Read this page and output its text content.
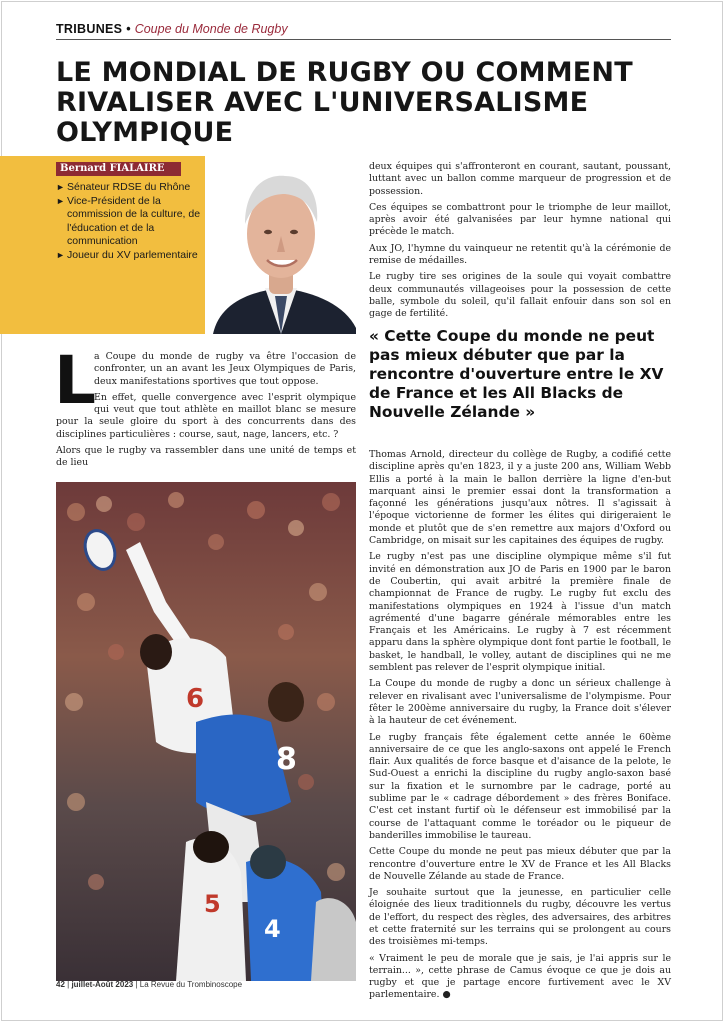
TRIBUNES • Coupe du Monde de Rugby
LE MONDIAL DE RUGBY OU COMMENT RIVALISER AVEC L'UNIVERSALISME OLYMPIQUE
Bernard FIALAIRE
► Sénateur RDSE du Rhône
► Vice-Président de la commission de la culture, de l'éducation et de la communication
► Joueur du XV parlementaire

deux équipes qui s'affronteront en courant, sautant, poussant, luttant avec un ballon comme marqueur de progression et de possession.

Ces équipes se combattront pour le triomphe de leur maillot, après avoir été galvanisées par leur hymne national qui précède le match.

Aux JO, l'hymne du vainqueur ne retentit qu'à la cérémonie de remise de médailles.

Le rugby tire ses origines de la soule qui voyait combattre deux communautés villageoises pour la possession de cette balle, symbole du soleil, qu'il fallait enfouir dans son sol en gage de fertilité.

« Cette Coupe du monde ne peut pas mieux débuter que par la rencontre d'ouverture entre le XV de France et les All Blacks de Nouvelle Zélande »

Thomas Arnold, directeur du collège de Rugby, a codifié cette discipline après qu'en 1823, il y a juste 200 ans, William Webb Ellis a porté à la main le ballon derrière la ligne d'en-but marquant ainsi le premier essai dont la transformation a façonné les générations jusqu'aux nôtres. Il s'agissait à l'époque victorienne de former les élites qui dirigeraient le monde et plutôt que de s'en remettre aux majors d'Oxford ou Cambridge, on misait sur les capitaines des équipes de rugby.

Le rugby n'est pas une discipline olympique même s'il fut invité en démonstration aux JO de Paris en 1900 par le baron de Coubertin, qui avait arbitré la première finale de championnat de France de rugby. Le rugby fut exclu des manifestations olympiques en 1924 à l'issue d'un match agrémenté d'une bagarre générale mémorables entre les Français et les Américains. Le rugby à 7 est récemment apparu dans la sphère olympique dont font partie le football, le basket, le handball, le volley, autant de disciplines qui ne me semblent pas relever de l'esprit olympique initial.

La Coupe du monde de rugby a donc un sérieux challenge à relever en rivalisant avec l'universalisme de l'olympisme. Pour fêter le 200ème anniversaire du rugby, la France doit s'élever à la hauteur de cet événement.

Le rugby français fête également cette année le 60ème anniversaire de ce que les anglo-saxons ont appelé le French flair. Aux qualités de force basque et d'aisance de la pelote, le Sud-Ouest a enrichi la discipline du rugby anglo-saxon basé sur la fixation et le surnombre par le cadrage, porté au sublime par le « cadrage débordement » des frères Boniface. C'est cet instant furtif où le défenseur est immobilisé par la course de l'attaquant comme le toréador ou le piqueur de banderilles immobilise le taureau.

Cette Coupe du monde ne peut pas mieux débuter que par la rencontre d'ouverture entre le XV de France et les All Blacks de Nouvelle Zélande au stade de France.

Je souhaite surtout que la jeunesse, en particulier celle éloignée des lieux traditionnels du rugby, découvre les vertus de l'effort, du respect des règles, des adversaires, des arbitres et cette fraternité sur les terrains qui se prolongent au cours des troisièmes mi-temps.

« Vraiment le peu de morale que je sais, je l'ai appris sur le terrain... », cette phrase de Camus évoque ce que je dois au rugby et que je partage encore furtivement avec le XV parlementaire. ●

L
a Coupe du monde de rugby va être l'occasion de confronter, un an avant les Jeux Olympiques de Paris, deux manifestations sportives que tout oppose.

En effet, quelle convergence avec l'esprit olympique qui veut que tout athlète en maillot blanc se mesure pour la seule gloire du sport à des concurrents dans des disciplines particulières : course, saut, nage, lancers, etc. ?

Alors que le rugby va rassembler dans une unité de temps et de lieu

6
8
5
4
42 | juillet-Août 2023 | La Revue du Trombinoscope
